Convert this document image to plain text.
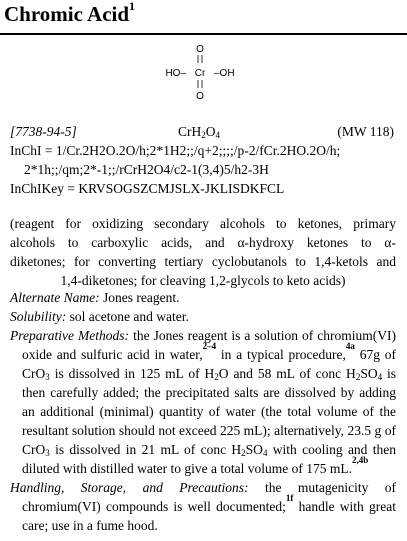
Chromic Acid$^1$
O
HO– Cr –OH
O
[7738-94-5]	$CrH_2O_4$	(MW 118)
InChI = 1/Cr.2H2O.2O/h;2*1H2;;/q+2;;;;/p-2/fCr.2HO.2O/h;
2*1h;;/qm;2*-1;;/rCrH2O4/c2-1(3,4)5/h2-3H
InChIKey = KRVSOGSZCMJSLX-JKLISDKFCL
(reagent for oxidizing secondary alcohols to ketones, primary
alcohols to carboxylic acids, and α-hydroxy ketones to α-
diketones; for converting tertiary cyclobutanols to 1,4-ketols and
1,4-diketones; for cleaving 1,2-glycols to keto acids)
Alternate Name: Jones reagent.
Solubility: sol acetone and water.
Preparative Methods: the Jones reagent is a solution of chromium(VI) oxide and sulfuric acid in water,$^{2-4}$ in a typical procedure,$^{4a}$ 67g of CrO$_3$ is dissolved in 125 mL of $H_2O$ and 58 mL of conc $H_2SO_4$ is then carefully added; the precipitated salts are dissolved by adding an additional (minimal) quantity of water (the total volume of the resultant solution should not exceed 225 mL); alternatively, 23.5 g of CrO$_3$ is dissolved in 21 mL of conc $H_2SO_4$ with cooling and then diluted with distilled water to give a total volume of 175 mL.$^{2,4b}$
Handling, Storage, and Precautions: the mutagenicity of chromium(VI) compounds is well documented;$^{1f}$ handle with great care; use in a fume hood.
